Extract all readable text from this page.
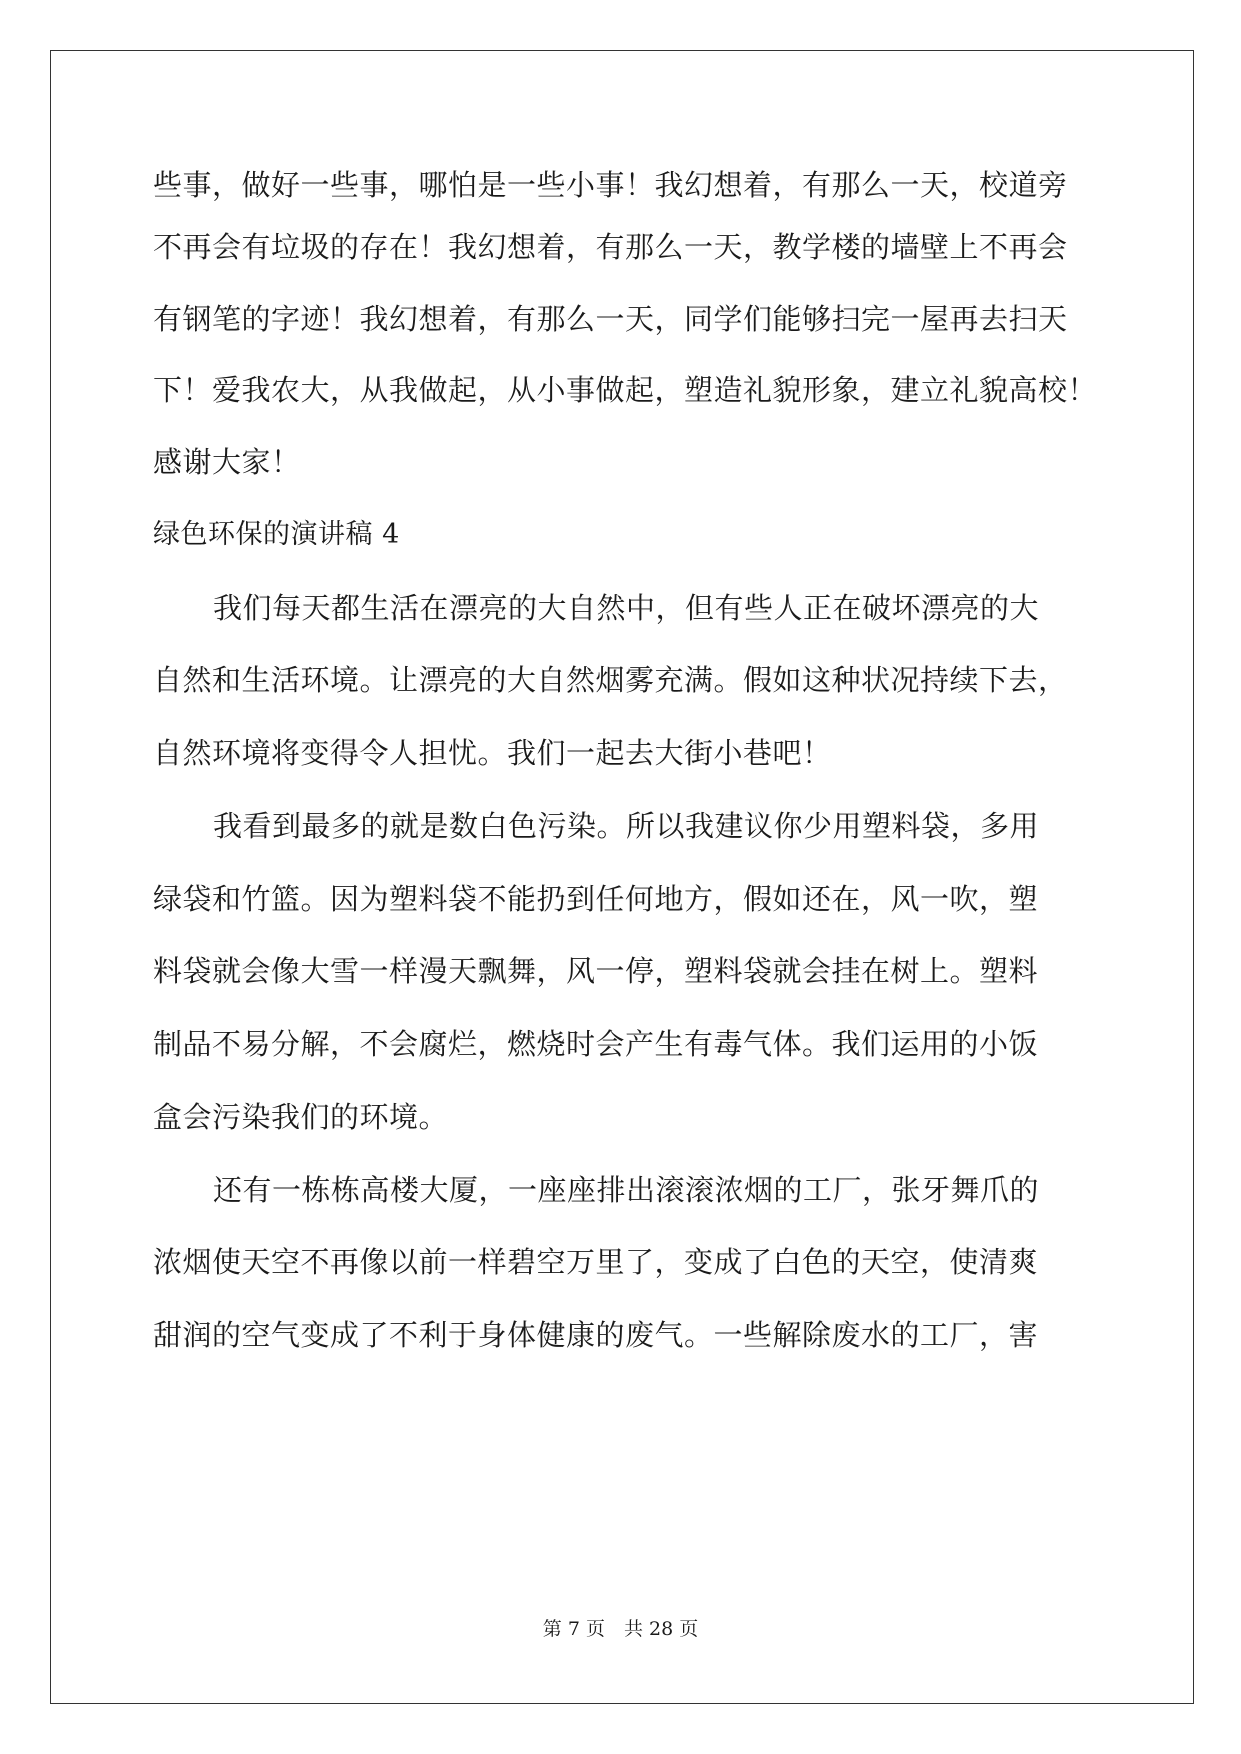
些事，做好一些事，哪怕是一些小事！我幻想着，有那么一天，校道旁
不再会有垃圾的存在！我幻想着，有那么一天，教学楼的墙壁上不再会
有钢笔的字迹！我幻想着，有那么一天，同学们能够扫完一屋再去扫天
下！爱我农大，从我做起，从小事做起，塑造礼貌形象，建立礼貌高校！
感谢大家！
绿色环保的演讲稿 4
我们每天都生活在漂亮的大自然中，但有些人正在破坏漂亮的大
自然和生活环境。让漂亮的大自然烟雾充满。假如这种状况持续下去，
自然环境将变得令人担忧。我们一起去大街小巷吧！
我看到最多的就是数白色污染。所以我建议你少用塑料袋，多用
绿袋和竹篮。因为塑料袋不能扔到任何地方，假如还在，风一吹，塑
料袋就会像大雪一样漫天飘舞，风一停，塑料袋就会挂在树上。塑料
制品不易分解，不会腐烂，燃烧时会产生有毒气体。我们运用的小饭
盒会污染我们的环境。
还有一栋栋高楼大厦，一座座排出滚滚浓烟的工厂，张牙舞爪的
浓烟使天空不再像以前一样碧空万里了，变成了白色的天空，使清爽
甜润的空气变成了不利于身体健康的废气。一些解除废水的工厂，害
第 7 页　共 28 页
